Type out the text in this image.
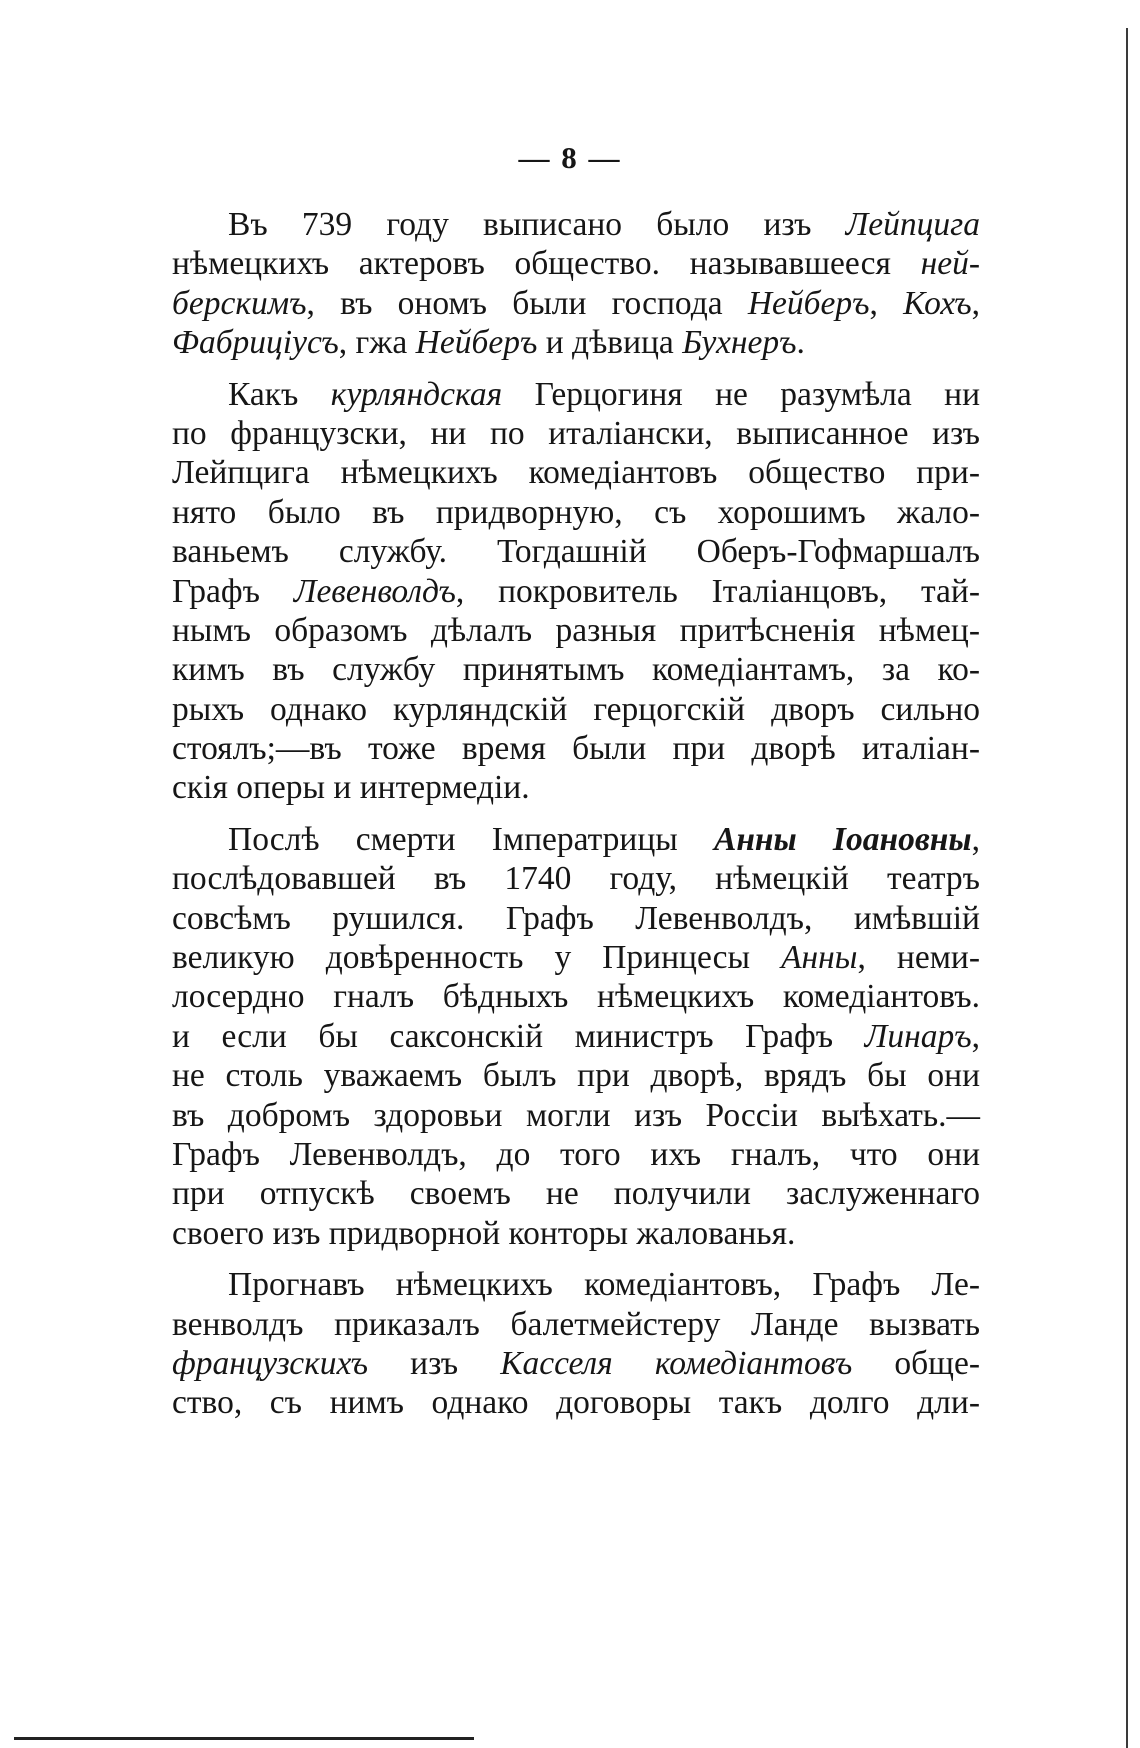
— 8 —
Въ 739 году выписано было изъ Лейпцига
нѣмецкихъ актеровъ общество. называвшееся ней-
берскимъ, въ ономъ были господа Нейберъ, Кохъ,
Фабриціусъ, гжа Нейберъ и дѣвица Бухнеръ.
Какъ курляндская Герцогиня не разумѣла ни
по французски, ни по италіански, выписанное изъ
Лейпцига нѣмецкихъ комедіантовъ общество при-
нято было въ придворную, съ хорошимъ жало-
ваньемъ службу. Тогдашній Оберъ-Гофмаршалъ
Графъ Левенволдъ, покровитель Італіанцовъ, тай-
нымъ образомъ дѣлалъ разныя притѣсненія нѣмец-
кимъ въ службу принятымъ комедіантамъ, за ко-
рыхъ однако курляндскій герцогскій дворъ сильно
стоялъ;—въ тоже время были при дворѣ италіан-
скія оперы и интермедіи.
Послѣ смерти Імператрицы Анны Іоановны,
послѣдовавшей въ 1740 году, нѣмецкій театръ
совсѣмъ рушился. Графъ Левенволдъ, имѣвшій
великую довѣренность у Принцесы Анны, неми-
лосердно гналъ бѣдныхъ нѣмецкихъ комедіантовъ.
и если бы саксонскій министръ Графъ Линаръ,
не столь уважаемъ былъ при дворѣ, врядъ бы они
въ добромъ здоровьи могли изъ Россіи выѣхать.—
Графъ Левенволдъ, до того ихъ гналъ, что они
при отпускѣ своемъ не получили заслуженнаго
своего изъ придворной конторы жалованья.
Прогнавъ нѣмецкихъ комедіантовъ, Графъ Ле-
венволдъ приказалъ балетмейстеру Ланде вызвать
французскихъ изъ Касселя комедіантовъ обще-
ство, съ нимъ однако договоры такъ долго дли-
